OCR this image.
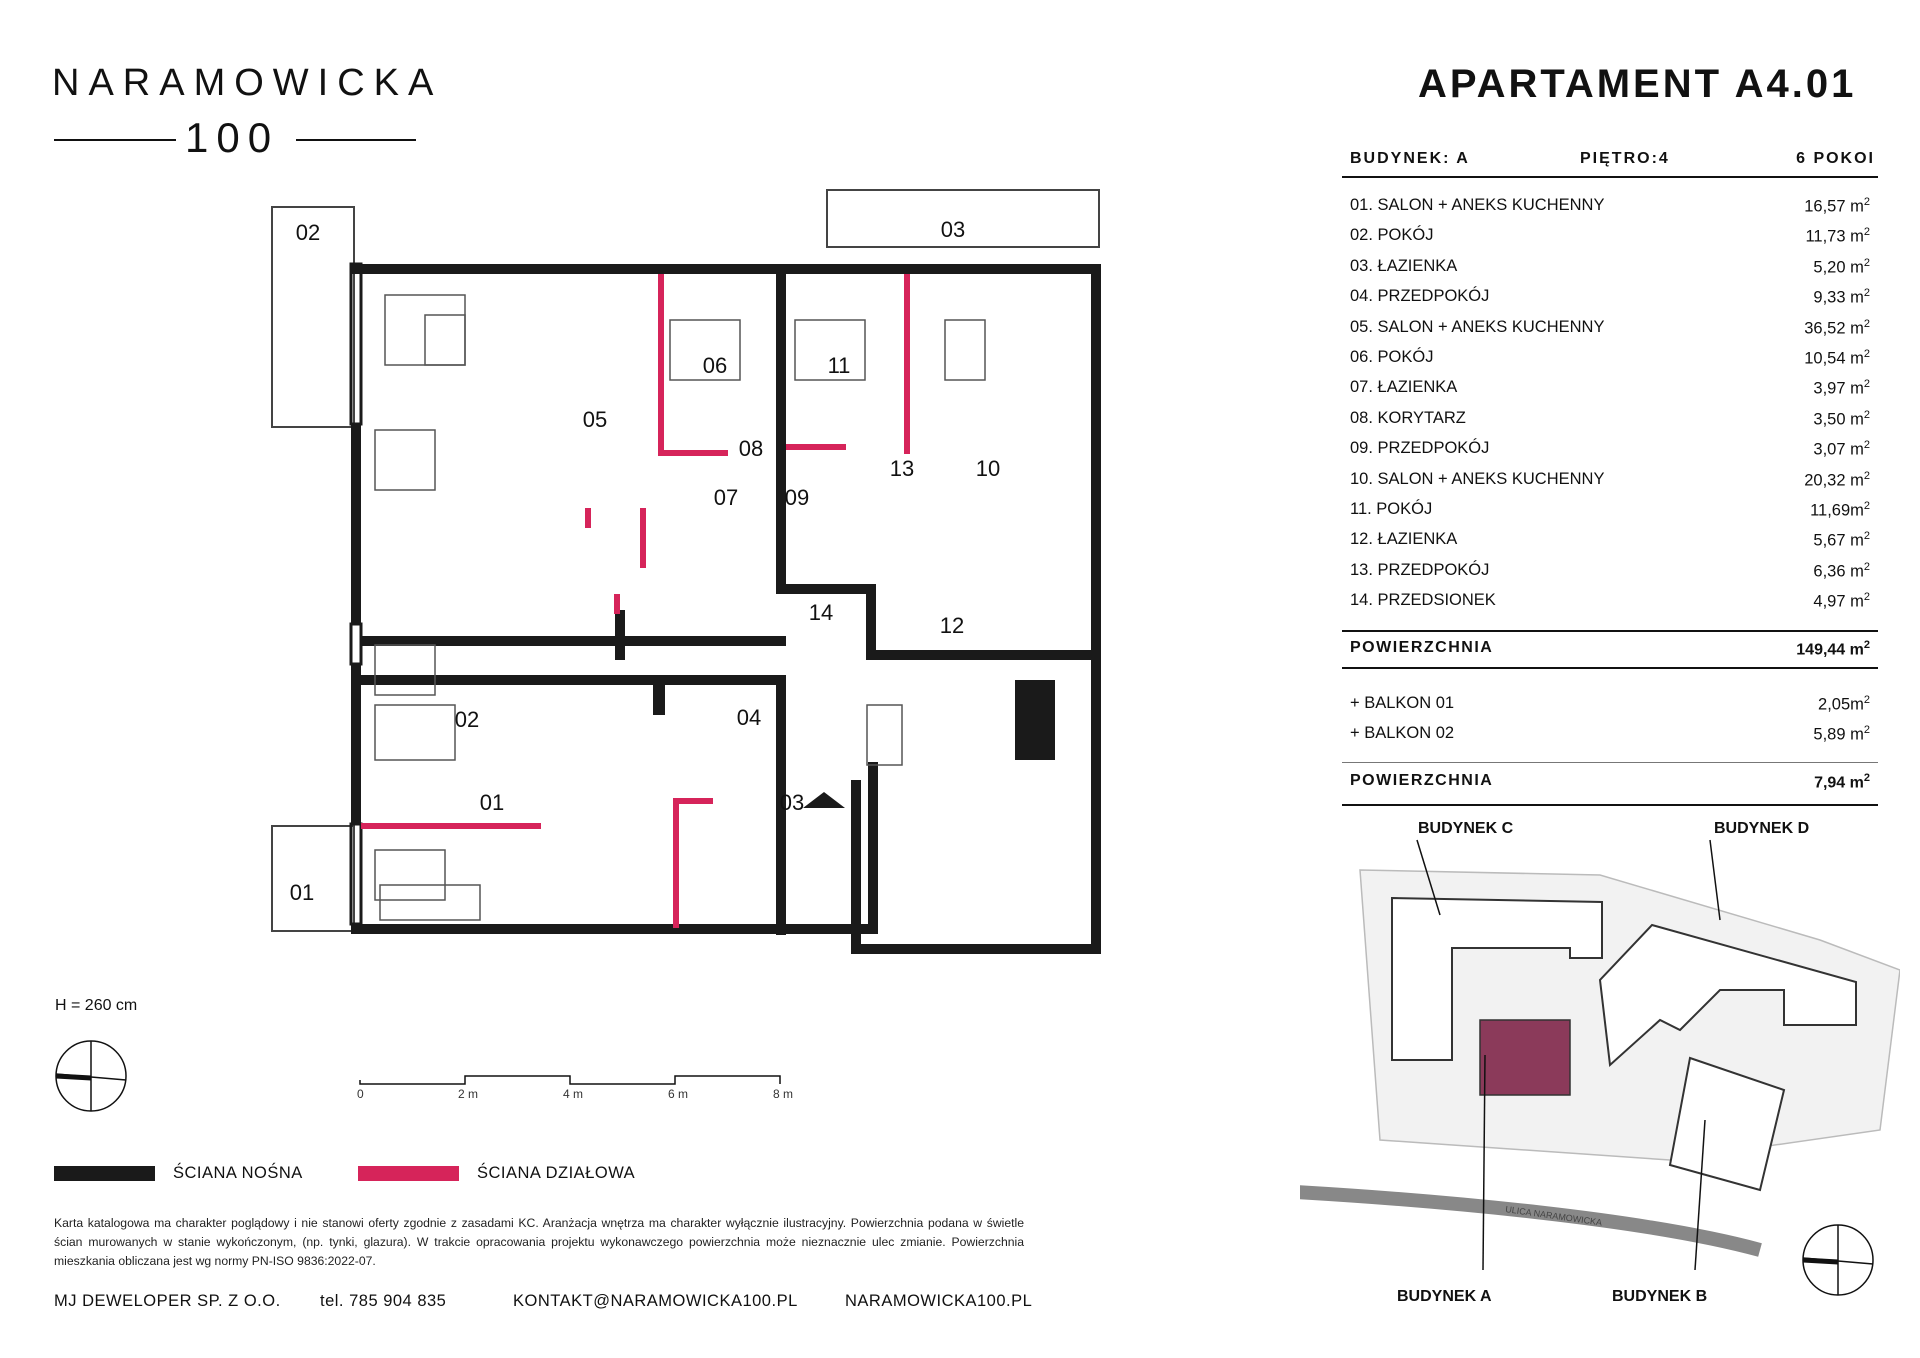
NARAMOWICKA
100
APARTAMENT A4.01
BUDYNEK: A	PIĘTRO:4	6 POKOI
01. SALON + ANEKS KUCHENNY	16,57 $m^2$
02. POKÓJ	11,73 $m^2$
03. ŁAZIENKA	5,20 $m^2$
04. PRZEDPOKÓJ	9,33 $m^2$
05. SALON + ANEKS KUCHENNY	36,52 $m^2$
06. POKÓJ	10,54 $m^2$
07. ŁAZIENKA	3,97 $m^2$
08. KORYTARZ	3,50 $m^2$
09. PRZEDPOKÓJ	3,07 $m^2$
10. SALON + ANEKS KUCHENNY	20,32 $m^2$
11. POKÓJ	$11,69m^2$
12. ŁAZIENKA	5,67 $m^2$
13. PRZEDPOKÓJ	6,36 $m^2$
14. PRZEDSIONEK	4,97 $m^2$
POWIERZCHNIA	149,44 $m^2$
+ BALKON 01	$2,05m^2$
+ BALKON 02	5,89 $m^2$
POWIERZCHNIA	7,94 $m^2$
02
01
05
06	11
08
07 09
13	10
14
12
04
03
02	03
01
H = 260 cm
0	2 m	4 m	6 m	8 m
ŚCIANA NOŚNA	ŚCIANA DZIAŁOWA
Karta katalogowa ma charakter poglądowy i nie stanowi oferty zgodnie z zasadami KC. Aranżacja wnętrza ma charakter wyłącznie ilustracyjny. Powierzchnia podana w świetle ścian murowanych w stanie wykończonym, (np. tynki, glazura). W trakcie opracowania projektu wykonawczego powierzchnia może nieznacznie ulec zmianie. Powierzchnia mieszkania obliczana jest wg normy PN-ISO 9836:2022-07.
MJ DEWELOPER SP. Z O.O. tel. 785 904 835	KONTAKT@NARAMOWICKA100.PL	NARAMOWICKA100.PL
ULICA NARAMOWICKA
BUDYNEK C	BUDYNEK D
BUDYNEK A	BUDYNEK B
